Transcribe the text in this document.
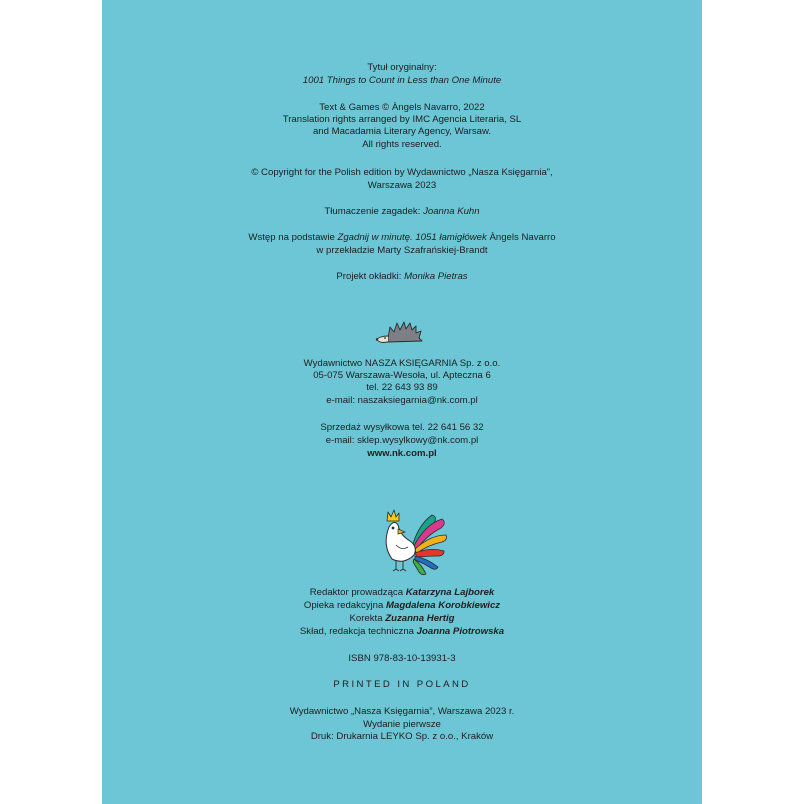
Tytuł oryginalny:
1001 Things to Count in Less than One Minute
Text & Games © Àngels Navarro, 2022
Translation rights arranged by IMC Agencia Literaria, SL
and Macadamia Literary Agency, Warsaw.
All rights reserved.
© Copyright for the Polish edition by Wydawnictwo „Nasza Księgarnia”,
Warszawa 2023
Tłumaczenie zagadek: Joanna Kuhn
Wstęp na podstawie Zgadnij w minutę. 1051 łamigłówek Àngels Navarro
w przekładzie Marty Szafrańskiej-Brandt
Projekt okładki: Monika Pietras
Wydawnictwo NASZA KSIĘGARNIA Sp. z o.o.
05-075 Warszawa-Wesoła, ul. Apteczna 6
tel. 22 643 93 89
e-mail: naszaksiegarnia@nk.com.pl
Sprzedaż wysyłkowa tel. 22 641 56 32
e-mail: sklep.wysylkowy@nk.com.pl
www.nk.com.pl
Redaktor prowadząca Katarzyna Lajborek
Opieka redakcyjna Magdalena Korobkiewicz
Korekta Zuzanna Hertig
Skład, redakcja techniczna Joanna Piotrowska
ISBN 978-83-10-13931-3
PRINTED IN POLAND
Wydawnictwo „Nasza Księgarnia”, Warszawa 2023 r.
Wydanie pierwsze
Druk: Drukarnia LEYKO Sp. z o.o., Kraków
